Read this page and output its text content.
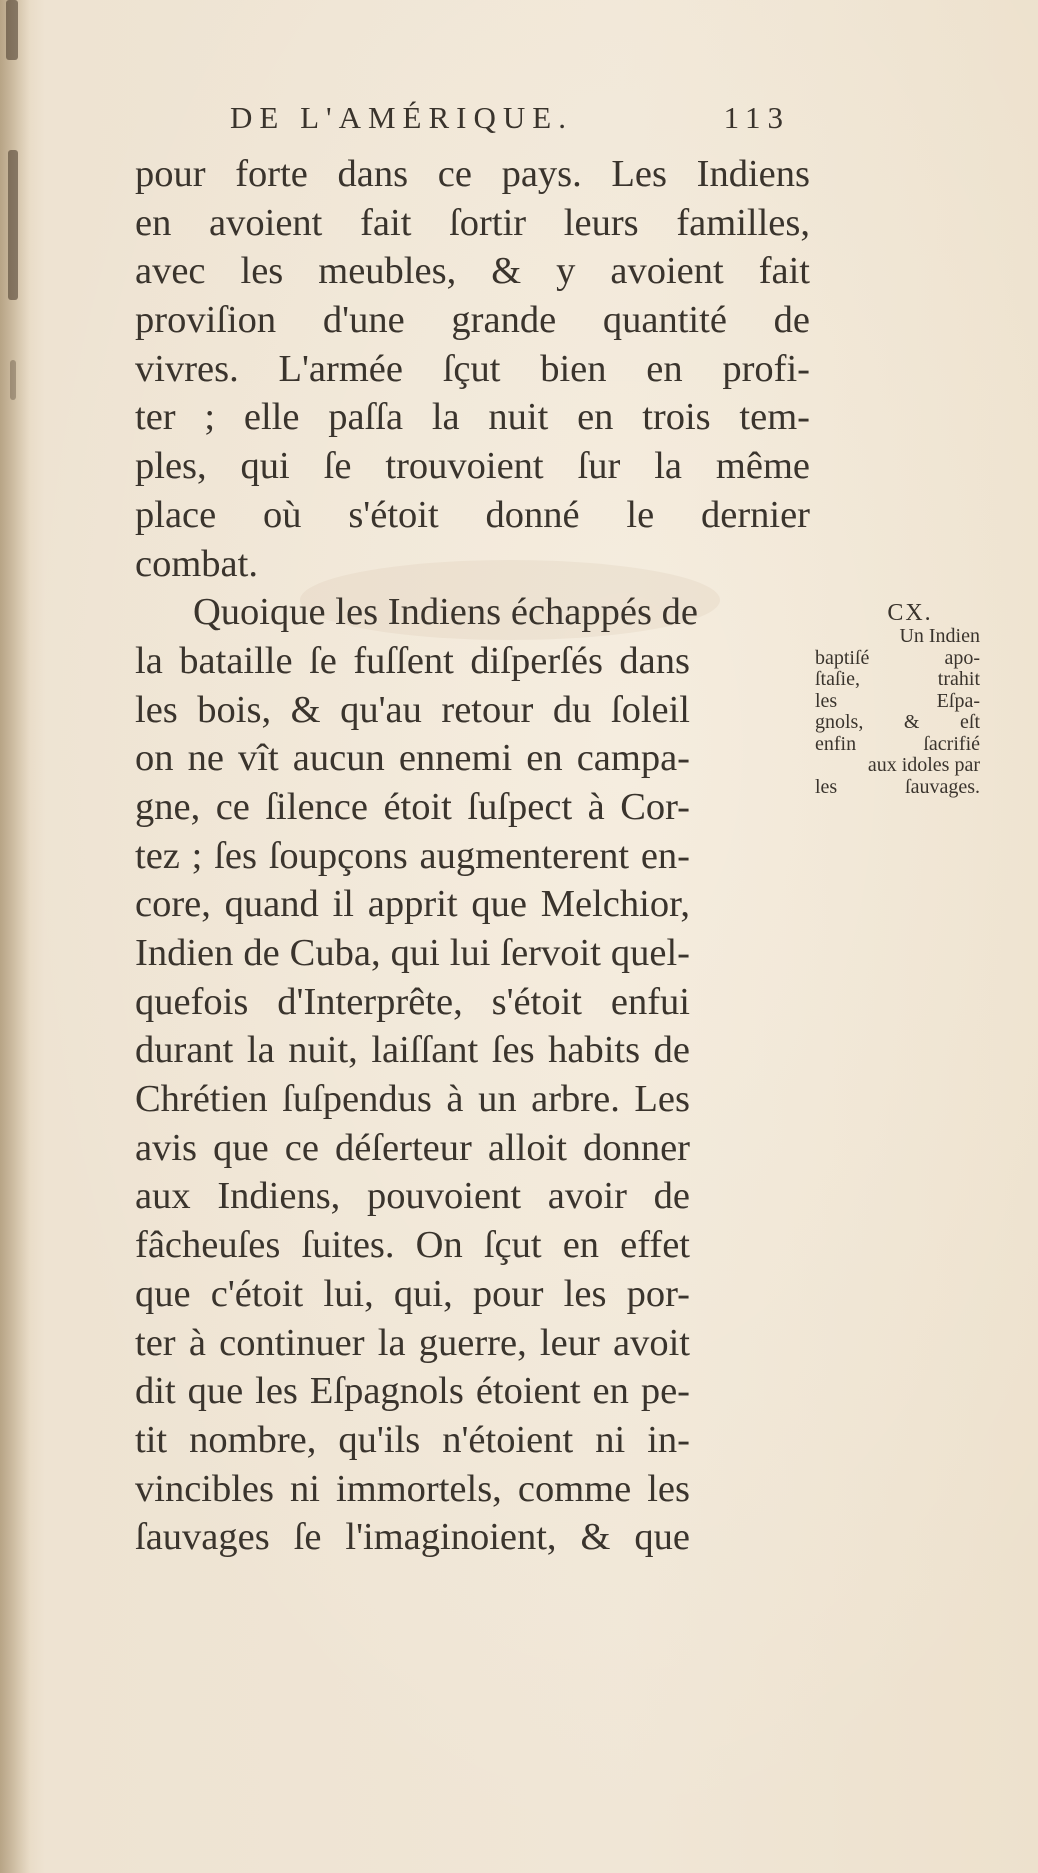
DE L'AMÉRIQUE.	113
pour forte dans ce pays. Les Indiens
en avoient fait ſortir leurs familles,
avec les meubles, & y avoient fait
proviſion d'une grande quantité de
vivres. L'armée ſçut bien en profi-
ter ; elle paſſa la nuit en trois tem-
ples, qui ſe trouvoient ſur la même
place où s'étoit donné le dernier
combat.
Quoique les Indiens échappés de
la bataille ſe fuſſent diſperſés dans
les bois, & qu'au retour du ſoleil
on ne vît aucun ennemi en campa-
gne, ce ſilence étoit ſuſpect à Cor-
tez ; ſes ſoupçons augmenterent en-
core, quand il apprit que Melchior,
Indien de Cuba, qui lui ſervoit quel-
quefois d'Interprête, s'étoit enfui
durant la nuit, laiſſant ſes habits de
Chrétien ſuſpendus à un arbre. Les
avis que ce déſerteur alloit donner
aux Indiens, pouvoient avoir de
fâcheuſes ſuites. On ſçut en effet
que c'étoit lui, qui, pour les por-
ter à continuer la guerre, leur avoit
dit que les Eſpagnols étoient en pe-
tit nombre, qu'ils n'étoient ni in-
vincibles ni immortels, comme les
ſauvages ſe l'imaginoient, & que
CX.
Un Indien
baptiſé apo-
ſtaſie, trahit
les Eſpa-
gnols, & eſt
enfin ſacrifié
aux idoles par
les ſauvages.
